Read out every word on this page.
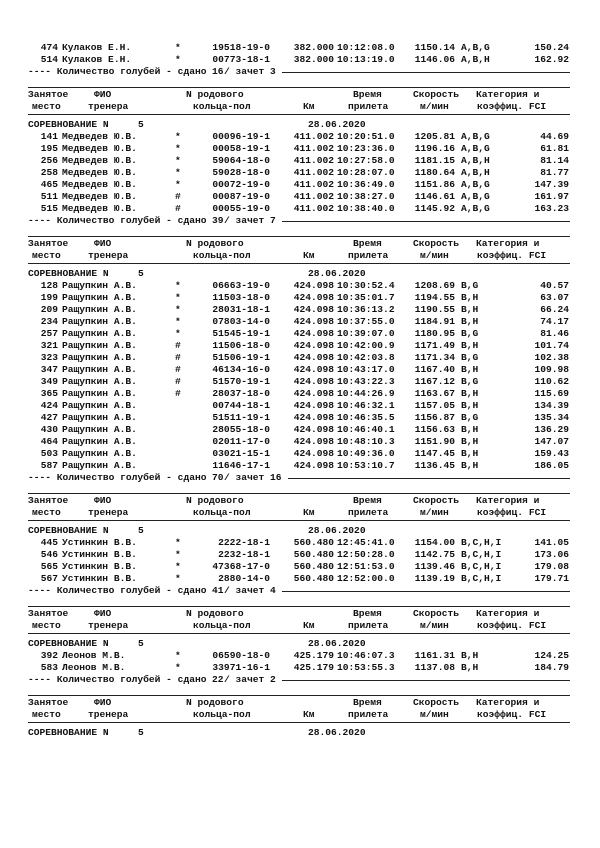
474 Кулаков Е.Н.	*	19518-19-0	382.000 10:12:08.0	1150.14 A,B,G	150.24
514 Кулаков Е.Н.	*	00773-18-1	382.000 10:13:19.0	1146.06 A,B,H	162.92
---- Количество голубей - сдано 16 / зачет 3
Занятое	ФИО	N родового	Время	Скорость Категория и
место	тренера	кольца-пол	Км	прилета	м/мин	коэффиц. FCI
СОРЕВНОВАНИЕ N	5	28.06.2020
141 Медведев Ю.В.	*	00096-19-1	411.002 10:20:51.0	1205.81 A,B,G	44.69
195 Медведев Ю.В.	*	00058-19-1	411.002 10:23:36.0	1196.16 A,B,G	61.81
256 Медведев Ю.В.	*	59064-18-0	411.002 10:27:58.0	1181.15 A,B,H	81.14
258 Медведев Ю.В.	*	59028-18-0	411.002 10:28:07.0	1180.64 A,B,H	81.77
465 Медведев Ю.В.	*	00072-19-0	411.002 10:36:49.0	1151.86 A,B,G	147.39
511 Медведев Ю.В.	#	00087-19-0	411.002 10:38:27.0	1146.61 A,B,G	161.97
515 Медведев Ю.В.	#	00055-19-0	411.002 10:38:40.0	1145.92 A,B,G	163.23
---- Количество голубей - сдано 39 / зачет 7
Занятое	ФИО	N родового	Время	Скорость Категория и
место	тренера	кольца-пол	Км	прилета	м/мин	коэффиц. FCI
СОРЕВНОВАНИЕ N	5	28.06.2020
128 Ращупкин А.В.	*	06663-19-0	424.098 10:30:52.4	1208.69 B,G	40.57
199 Ращупкин А.В.	*	11503-18-0	424.098 10:35:01.7	1194.55 B,H	63.07
209 Ращупкин А.В.	*	28031-18-1	424.098 10:36:13.2	1190.55 B,H	66.24
234 Ращупкин А.В.	*	07803-14-0	424.098 10:37:55.0	1184.91 B,H	74.17
257 Ращупкин А.В.	*	51545-19-1	424.098 10:39:07.0	1180.95 B,G	81.46
321 Ращупкин А.В.	#	11506-18-0	424.098 10:42:00.9	1171.49 B,H	101.74
323 Ращупкин А.В.	#	51506-19-1	424.098 10:42:03.8	1171.34 B,G	102.38
347 Ращупкин А.В.	#	46134-16-0	424.098 10:43:17.0	1167.40 B,H	109.98
349 Ращупкин А.В.	#	51570-19-1	424.098 10:43:22.3	1167.12 B,G	110.62
365 Ращупкин А.В.	#	28037-18-0	424.098 10:44:26.9	1163.67 B,H	115.69
424 Ращупкин А.В.	00744-18-1	424.098 10:46:32.1	1157.05 B,H	134.39
427 Ращупкин А.В.	51511-19-1	424.098 10:46:35.5	1156.87 B,G	135.34
430 Ращупкин А.В.	28055-18-0	424.098 10:46:40.1	1156.63 B,H	136.29
464 Ращупкин А.В.	02011-17-0	424.098 10:48:10.3	1151.90 B,H	147.07
503 Ращупкин А.В.	03021-15-1	424.098 10:49:36.0	1147.45 B,H	159.43
587 Ращупкин А.В.	11646-17-1	424.098 10:53:10.7	1136.45 B,H	186.05
---- Количество голубей - сдано 70 / зачет 16
Занятое	ФИО	N родового	Время	Скорость Категория и
место	тренера	кольца-пол	Км	прилета	м/мин	коэффиц. FCI
СОРЕВНОВАНИЕ N	5	28.06.2020
445 Устинкин В.В.	*	2222-18-1	560.480 12:45:41.0	1154.00 B,C,H,I	141.05
546 Устинкин В.В.	*	2232-18-1	560.480 12:50:28.0	1142.75 B,C,H,I	173.06
565 Устинкин В.В.	*	47368-17-0	560.480 12:51:53.0	1139.46 B,C,H,I	179.08
567 Устинкин В.В.	*	2880-14-0	560.480 12:52:00.0	1139.19 B,C,H,I	179.71
---- Количество голубей - сдано 41 / зачет 4
Занятое	ФИО	N родового	Время	Скорость Категория и
место	тренера	кольца-пол	Км	прилета	м/мин	коэффиц. FCI
СОРЕВНОВАНИЕ N	5	28.06.2020
392 Леонов М.В.	*	06590-18-0	425.179 10:46:07.3	1161.31 B,H	124.25
583 Леонов М.В.	*	33971-16-1	425.179 10:53:55.3	1137.08 B,H	184.79
---- Количество голубей - сдано 22 / зачет 2
Занятое	ФИО	N родового	Время	Скорость Категория и
место	тренера	кольца-пол	Км	прилета	м/мин	коэффиц. FCI
СОРЕВНОВАНИЕ N	5	28.06.2020
